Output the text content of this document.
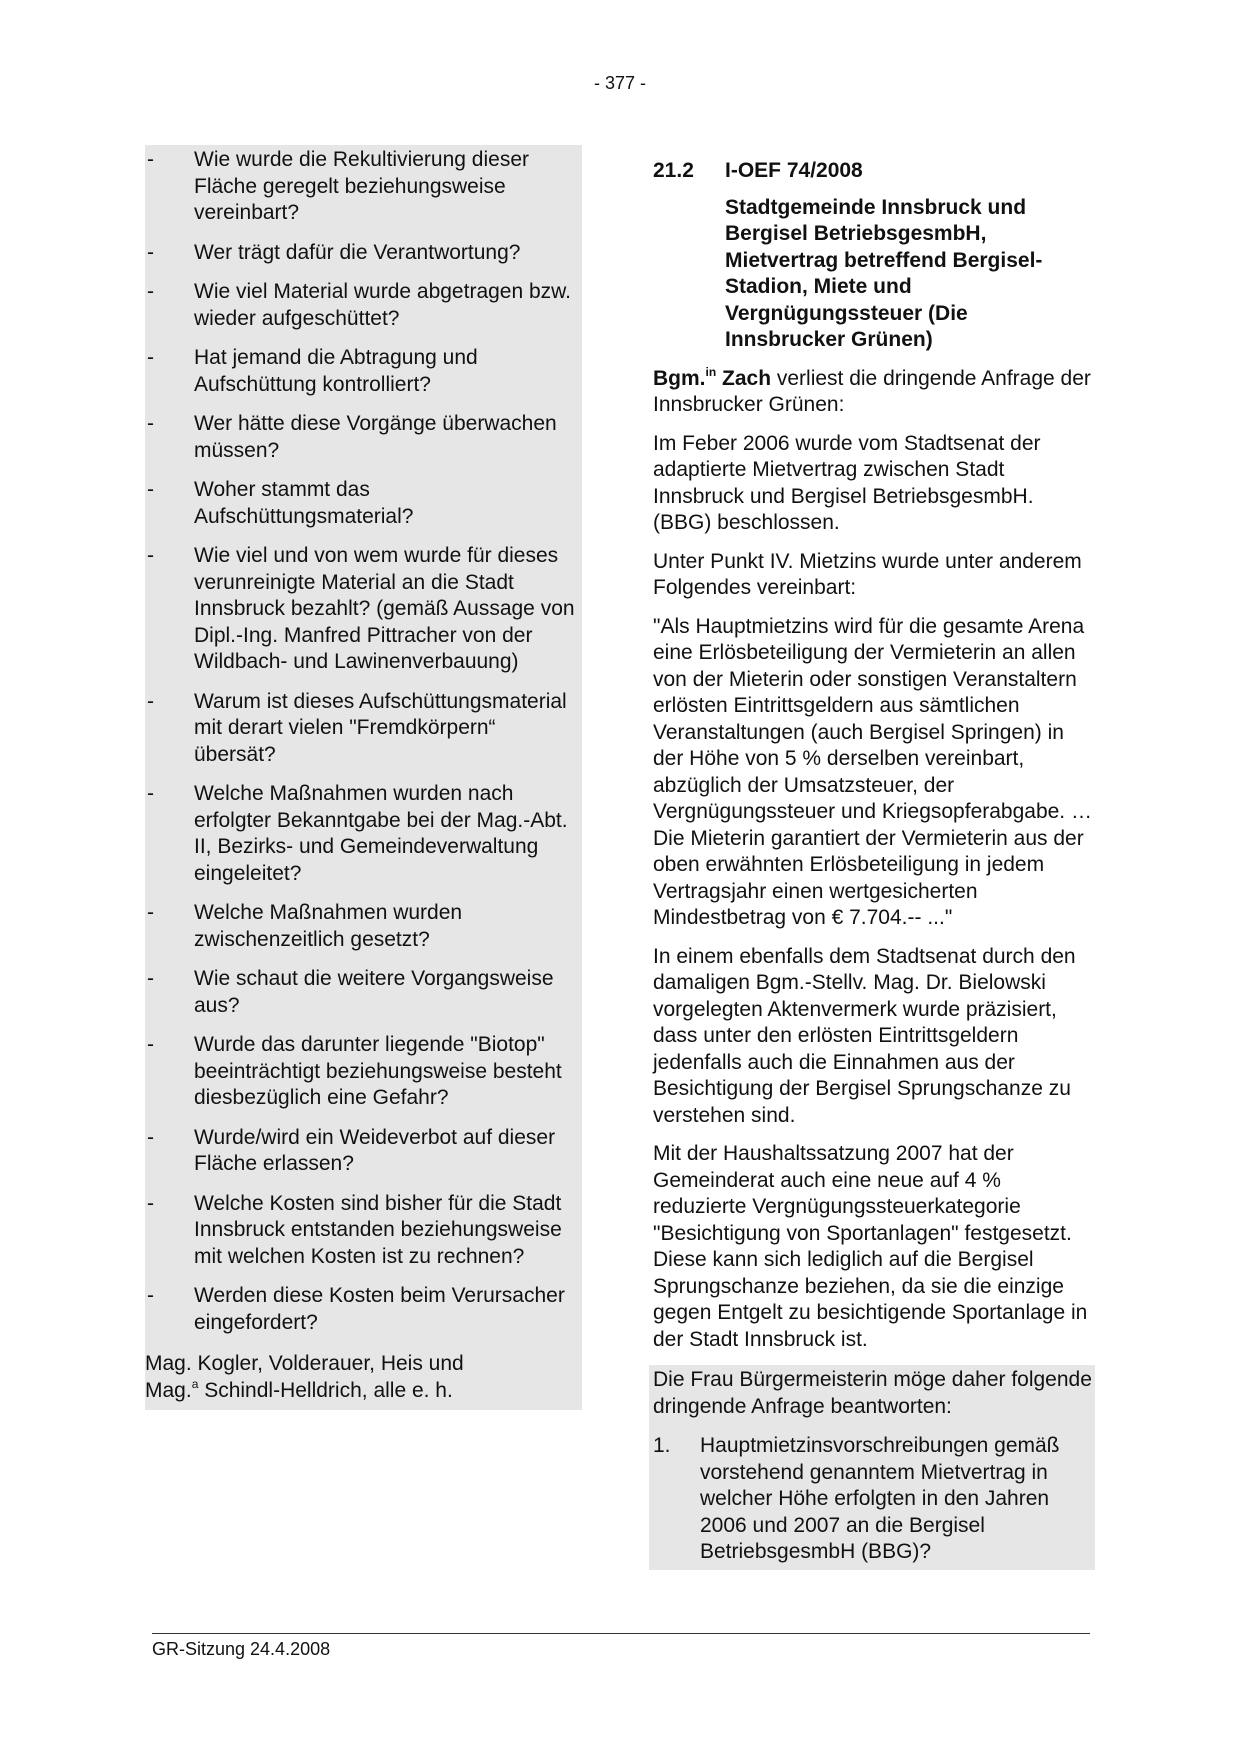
- 377 -
- Wie wurde die Rekultivierung dieser Fläche geregelt beziehungsweise vereinbart?
- Wer trägt dafür die Verantwortung?
- Wie viel Material wurde abgetragen bzw. wieder aufgeschüttet?
- Hat jemand die Abtragung und Aufschüttung kontrolliert?
- Wer hätte diese Vorgänge überwachen müssen?
- Woher stammt das Aufschüttungsmaterial?
- Wie viel und von wem wurde für dieses verunreinigte Material an die Stadt Innsbruck bezahlt? (gemäß Aussage von Dipl.-Ing. Manfred Pittracher von der Wildbach- und Lawinenverbauung)
- Warum ist dieses Aufschüttungsmaterial mit derart vielen "Fremdkörpern“ übersät?
- Welche Maßnahmen wurden nach erfolgter Bekanntgabe bei der Mag.-Abt. II, Bezirks- und Gemeindeverwaltung eingeleitet?
- Welche Maßnahmen wurden zwischenzeitlich gesetzt?
- Wie schaut die weitere Vorgangsweise aus?
- Wurde das darunter liegende "Biotop" beeinträchtigt beziehungsweise besteht diesbezüglich eine Gefahr?
- Wurde/wird ein Weideverbot auf dieser Fläche erlassen?
- Welche Kosten sind bisher für die Stadt Innsbruck entstanden beziehungsweise mit welchen Kosten ist zu rechnen?
- Werden diese Kosten beim Verursacher eingefordert?
Mag. Kogler, Volderauer, Heis und
Mag.$^a$ Schindl-Helldrich, alle e. h.
21.2	I-OEF 74/2008
Stadtgemeinde Innsbruck und Bergisel BetriebsgesmbH, Mietvertrag betreffend Bergisel-Stadion, Miete und Vergnügungssteuer (Die Innsbrucker Grünen)

Bgm.$^{in}$ Zach verliest die dringende Anfrage der Innsbrucker Grünen:

Im Feber 2006 wurde vom Stadtsenat der adaptierte Mietvertrag zwischen Stadt Innsbruck und Bergisel BetriebsgesmbH. (BBG) beschlossen.

Unter Punkt IV. Mietzins wurde unter anderem Folgendes vereinbart:

"Als Hauptmietzins wird für die gesamte Arena eine Erlösbeteiligung der Vermieterin an allen von der Mieterin oder sonstigen Veranstaltern erlösten Eintrittsgeldern aus sämtlichen Veranstaltungen (auch Bergisel Springen) in der Höhe von 5 % derselben vereinbart, abzüglich der Umsatzsteuer, der Vergnügungssteuer und Kriegsopferabgabe. … Die Mieterin garantiert der Vermieterin aus der oben erwähnten Erlösbeteiligung in jedem Vertragsjahr einen wertgesicherten Mindestbetrag von € 7.704.-- ..."

In einem ebenfalls dem Stadtsenat durch den damaligen Bgm.-Stellv. Mag. Dr. Bielowski vorgelegten Aktenvermerk wurde präzisiert, dass unter den erlösten Eintrittsgeldern jedenfalls auch die Einnahmen aus der Besichtigung der Bergisel Sprungschanze zu verstehen sind.

Mit der Haushaltssatzung 2007 hat der Gemeinderat auch eine neue auf 4 % reduzierte Vergnügungssteuerkategorie "Besichtigung von Sportanlagen" festgesetzt. Diese kann sich lediglich auf die Bergisel Sprungschanze beziehen, da sie die einzige gegen Entgelt zu besichtigende Sportanlage in der Stadt Innsbruck ist.

Die Frau Bürgermeisterin möge daher folgende dringende Anfrage beantworten:

1.	Hauptmietzinsvorschreibungen gemäß vorstehend genanntem Mietvertrag in welcher Höhe erfolgten in den Jahren 2006 und 2007 an die Bergisel BetriebsgesmbH (BBG)?
GR-Sitzung 24.4.2008
